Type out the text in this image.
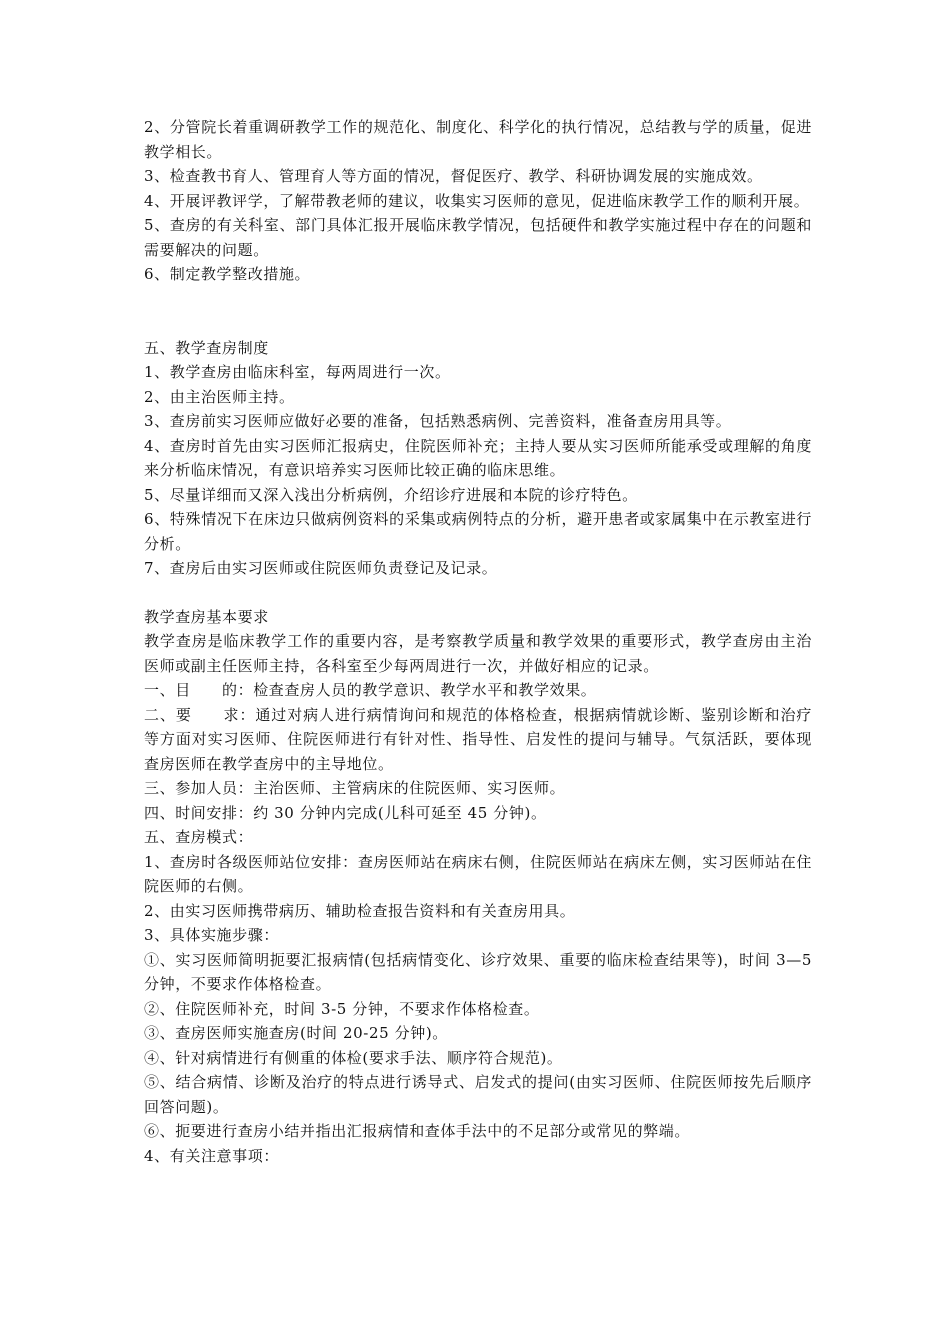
2、分管院长着重调研教学工作的规范化、制度化、科学化的执行情况，总结教与学的质量，促进教学相长。

3、检查教书育人、管理育人等方面的情况，督促医疗、教学、科研协调发展的实施成效。

4、开展评教评学，了解带教老师的建议，收集实习医师的意见，促进临床教学工作的顺利开展。

5、查房的有关科室、部门具体汇报开展临床教学情况，包括硬件和教学实施过程中存在的问题和需要解决的问题。

6、制定教学整改措施。

五、教学查房制度

1、教学查房由临床科室，每两周进行一次。

2、由主治医师主持。

3、查房前实习医师应做好必要的准备，包括熟悉病例、完善资料，准备查房用具等。

4、查房时首先由实习医师汇报病史，住院医师补充；主持人要从实习医师所能承受或理解的角度来分析临床情况，有意识培养实习医师比较正确的临床思维。

5、尽量详细而又深入浅出分析病例，介绍诊疗进展和本院的诊疗特色。

6、特殊情况下在床边只做病例资料的采集或病例特点的分析，避开患者或家属集中在示教室进行分析。

7、查房后由实习医师或住院医师负责登记及记录。

教学查房基本要求

教学查房是临床教学工作的重要内容，是考察教学质量和教学效果的重要形式，教学查房由主治医师或副主任医师主持，各科室至少每两周进行一次，并做好相应的记录。

一、目　　的：检查查房人员的教学意识、教学水平和教学效果。

二、要　　求：通过对病人进行病情询问和规范的体格检查，根据病情就诊断、鉴别诊断和治疗等方面对实习医师、住院医师进行有针对性、指导性、启发性的提问与辅导。气氛活跃，要体现查房医师在教学查房中的主导地位。

三、参加人员：主治医师、主管病床的住院医师、实习医师。

四、时间安排：约 30 分钟内完成(儿科可延至 45 分钟)。

五、查房模式：

1、查房时各级医师站位安排：查房医师站在病床右侧，住院医师站在病床左侧，实习医师站在住院医师的右侧。

2、由实习医师携带病历、辅助检查报告资料和有关查房用具。

3、具体实施步骤：

①、实习医师简明扼要汇报病情(包括病情变化、诊疗效果、重要的临床检查结果等)，时间 3—5 分钟，不要求作体格检查。

②、住院医师补充，时间 3-5 分钟，不要求作体格检查。

③、查房医师实施查房(时间 20-25 分钟)。

④、针对病情进行有侧重的体检(要求手法、顺序符合规范)。

⑤、结合病情、诊断及治疗的特点进行诱导式、启发式的提问(由实习医师、住院医师按先后顺序回答问题)。

⑥、扼要进行查房小结并指出汇报病情和查体手法中的不足部分或常见的弊端。

4、有关注意事项：
